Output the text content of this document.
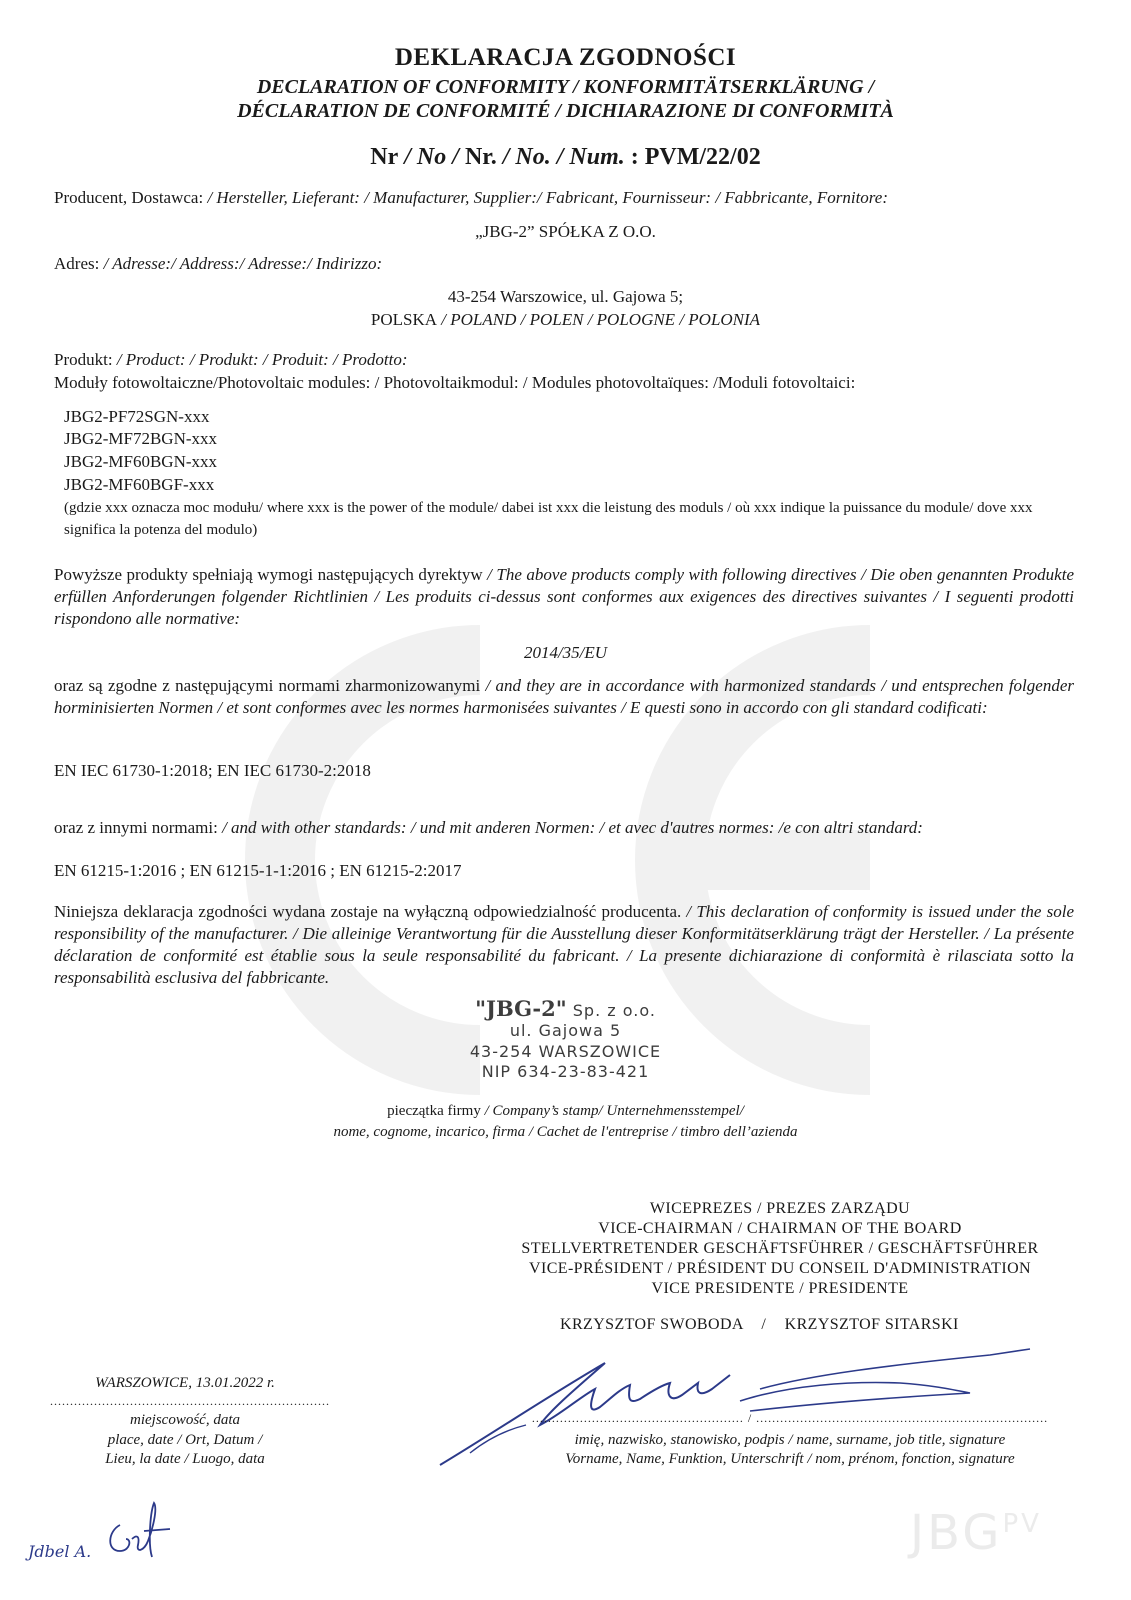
DEKLARACJA ZGODNOŚCI
DECLARATION OF CONFORMITY / KONFORMITÄTSERKLÄRUNG /
DÉCLARATION DE CONFORMITÉ / DICHIARAZIONE DI CONFORMITÀ
Nr / No / Nr. / No. / Num. : PVM/22/02
Producent, Dostawca: / Hersteller, Lieferant: / Manufacturer, Supplier:/ Fabricant, Fournisseur: / Fabbricante, Fornitore:
„JBG-2” SPÓŁKA Z O.O.
Adres: / Adresse:/ Address:/ Adresse:/ Indirizzo:
43-254 Warszowice, ul. Gajowa 5;
POLSKA / POLAND / POLEN / POLOGNE / POLONIA
Produkt: / Product: / Produkt: / Produit: / Prodotto:
Moduły fotowoltaiczne/Photovoltaic modules: / Photovoltaikmodul: / Modules photovoltaïques: /Moduli fotovoltaici:
JBG2-PF72SGN-xxx
JBG2-MF72BGN-xxx
JBG2-MF60BGN-xxx
JBG2-MF60BGF-xxx
(gdzie xxx oznacza moc modułu/ where xxx is the power of the module/ dabei ist xxx die leistung des moduls / où xxx indique la puissance du module/ dove xxx significa la potenza del modulo)
Powyższe produkty spełniają wymogi następujących dyrektyw / The above products comply with following directives / Die oben genannten Produkte erfüllen Anforderungen folgender Richtlinien / Les produits ci-dessus sont conformes aux exigences des directives suivantes / I seguenti prodotti rispondono alle normative:
2014/35/EU
oraz są zgodne z następującymi normami zharmonizowanymi / and they are in accordance with harmonized standards / und entsprechen folgender horminisierten Normen / et sont conformes avec les normes harmonisées suivantes / E questi sono in accordo con gli standard codificati:
EN IEC 61730-1:2018; EN IEC 61730-2:2018
oraz z innymi normami: / and with other standards: / und mit anderen Normen: / et avec d'autres normes: /e con altri standard:
EN 61215-1:2016 ; EN 61215-1-1:2016 ; EN 61215-2:2017
Niniejsza deklaracja zgodności wydana zostaje na wyłączną odpowiedzialność producenta. / This declaration of conformity is issued under the sole responsibility of the manufacturer. / Die alleinige Verantwortung für die Ausstellung dieser Konformitätserklärung trägt der Hersteller. / La présente déclaration de conformité est établie sous la seule responsabilité du fabricant. / La presente dichiarazione di conformità è rilasciata sotto la responsabilità esclusiva del fabbricante.
"JBG-2" Sp. z o.o.
ul. Gajowa 5
43-254 WARSZOWICE
NIP 634-23-83-421
pieczątka firmy / Company’s stamp/ Unternehmensstempel/
nome, cognome, incarico, firma / Cachet de l'entreprise / timbro dell’azienda
WICEPREZES / PREZES ZARZĄDU
VICE-CHAIRMAN / CHAIRMAN OF THE BOARD
STELLVERTRETENDER GESCHÄFTSFÜHRER / GESCHÄFTSFÜHRER
VICE-PRÉSIDENT / PRÉSIDENT DU CONSEIL D'ADMINISTRATION
VICE PRESIDENTE / PRESIDENTE
KRZYSZTOF SWOBODA / KRZYSZTOF SITARSKI
WARSZOWICE, 13.01.2022 r.
......................................................................
miejscowość, data
place, date / Ort, Datum /
Lieu, la date / Luogo, data
..................................................... / .........................................................................
imię, nazwisko, stanowisko, podpis / name, surname, job title, signature
Vorname, Name, Funktion, Unterschrift / nom, prénom, fonction, signature
Jdbel A.	$JBG^{PV}$
